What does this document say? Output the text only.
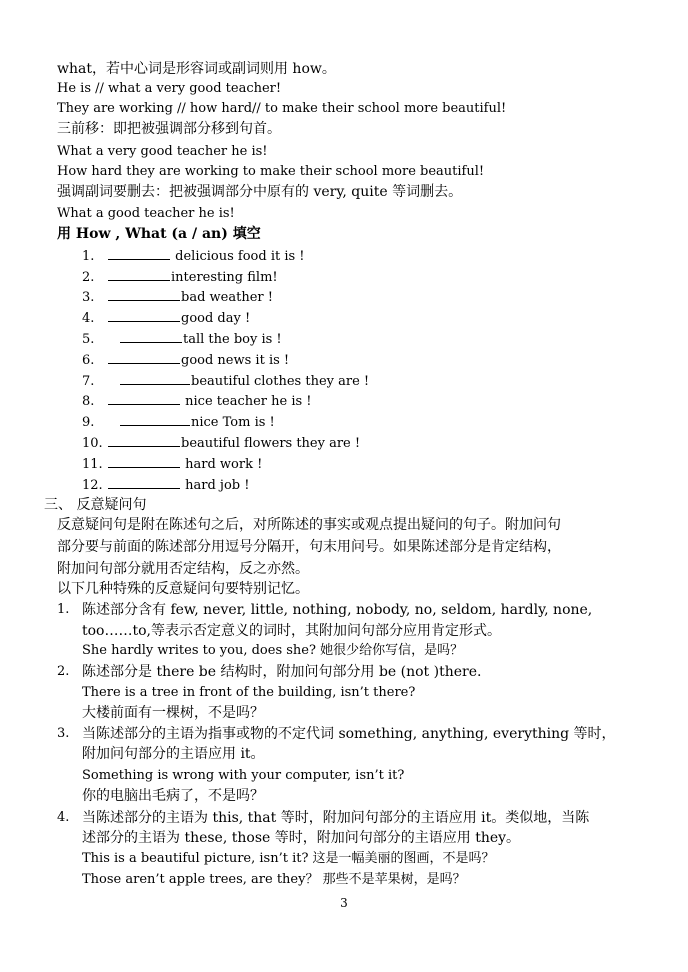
what，若中心词是形容词或副词则用 how。
He is // what a very good teacher!
They are working // how hard// to make their school more beautiful!
三前移：即把被强调部分移到句首。
What a very good teacher he is!
How hard they are working to make their school more beautiful!
强调副词要删去：把被强调部分中原有的 very, quite 等词删去。
What a good teacher he is!
用 How , What (a / an) 填空
1.	delicious food it is !
2.	interesting film!
3.	bad weather !
4.	good day !
5.	tall the boy is !
6.	good news it is !
7.	beautiful clothes they are !
8.	nice teacher he is !
9.	nice Tom is !
10.	beautiful flowers they are !
11.	hard work !
12.	hard job !
三、 反意疑问句
反意疑问句是附在陈述句之后，对所陈述的事实或观点提出疑问的句子。附加问句
部分要与前面的陈述部分用逗号分隔开，句末用问号。如果陈述部分是肯定结构，
附加问句部分就用否定结构，反之亦然。
以下几种特殊的反意疑问句要特别记忆。
1. 陈述部分含有 few, never, little, nothing, nobody, no, seldom, hardly, none,
too……to,等表示否定意义的词时，其附加问句部分应用肯定形式。
She hardly writes to you, does she? 她很少给你写信，是吗？
2. 陈述部分是 there be 结构时，附加问句部分用 be (not )there.
There is a tree in front of the building, isn’t there?
大楼前面有一棵树，不是吗？
3. 当陈述部分的主语为指事或物的不定代词 something, anything, everything 等时，
附加问句部分的主语应用 it。
Something is wrong with your computer, isn’t it?
你的电脑出毛病了，不是吗？
4. 当陈述部分的主语为 this, that 等时，附加问句部分的主语应用 it。类似地，当陈
述部分的主语为 these, those 等时，附加问句部分的主语应用 they。
This is a beautiful picture, isn’t it? 这是一幅美丽的图画，不是吗？
Those aren’t apple trees, are they？ 那些不是苹果树，是吗？
3
